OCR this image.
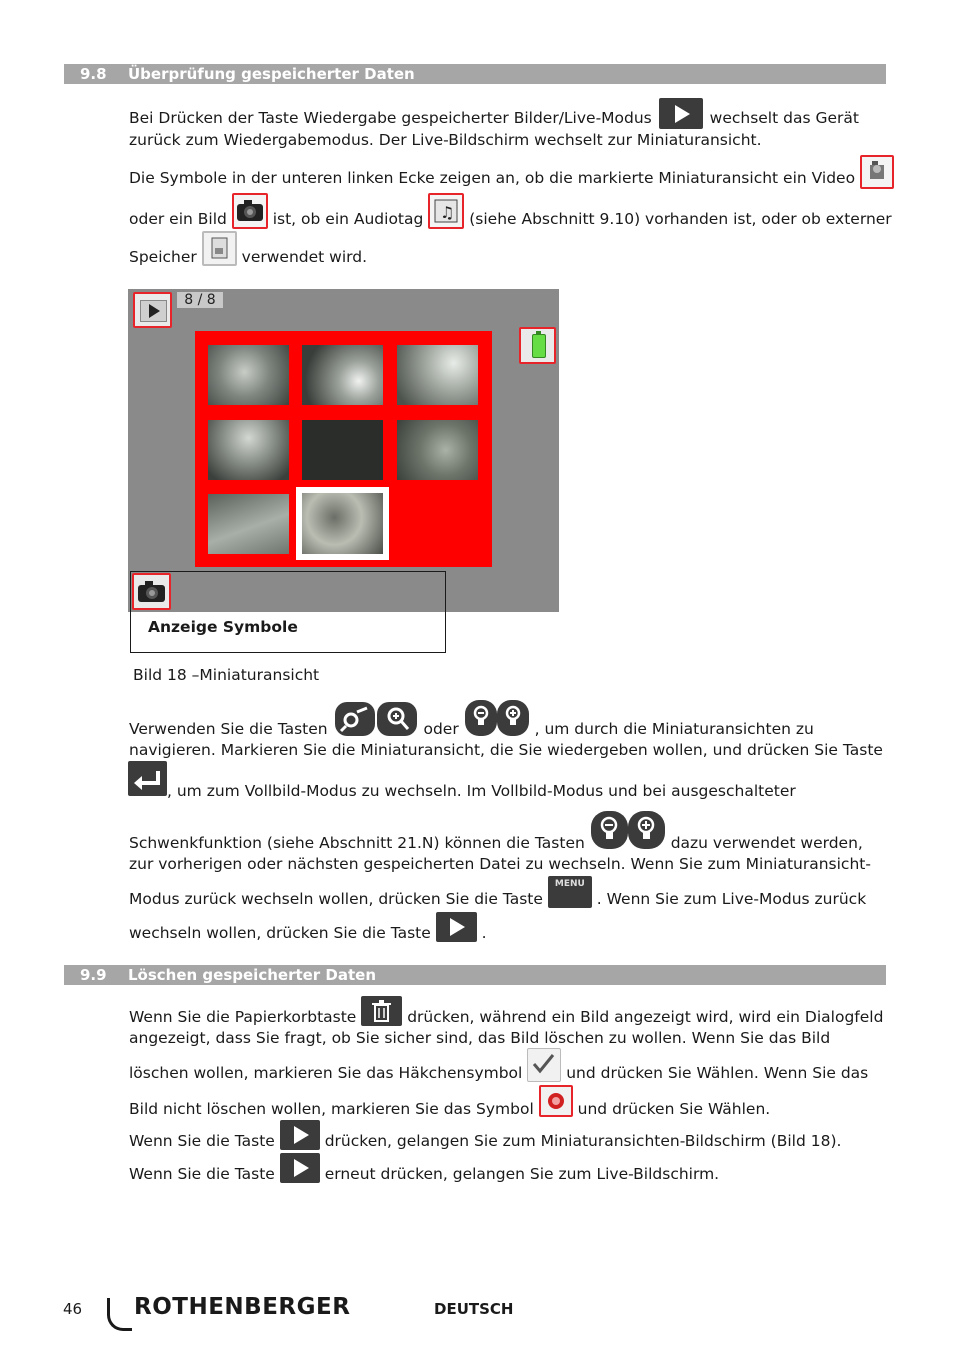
9.8 Überprüfung gespeicherter Daten
Bei Drücken der Taste Wiedergabe gespeicherter Bilder/Live-Modus	wechselt das Gerät
zurück zum Wiedergabemodus. Der Live-Bildschirm wechselt zur Miniaturansicht.
Die Symbole in der unteren linken Ecke zeigen an, ob die markierte Miniaturansicht ein Video
oder ein Bild	ist, ob ein Audiotag ♫ (siehe Abschnitt 9.10) vorhanden ist, oder ob externer
Speicher	verwendet wird.
8 / 8
Anzeige Symbole
Bild 18 –Miniaturansicht
Verwenden Sie die Tasten	oder	, um durch die Miniaturansichten zu
navigieren. Markieren Sie die Miniaturansicht, die Sie wiedergeben wollen, und drücken Sie Taste
, um zum Vollbild-Modus zu wechseln. Im Vollbild-Modus und bei ausgeschalteter
Schwenkfunktion (siehe Abschnitt 21.N) können die Tasten	dazu verwendet werden,
zur vorherigen oder nächsten gespeicherten Datei zu wechseln. Wenn Sie zum Miniaturansicht-
Modus zurück wechseln wollen, drücken Sie die Taste MENU . Wenn Sie zum Live-Modus zurück
wechseln wollen, drücken Sie die Taste	.
9.9 Löschen gespeicherter Daten
Wenn Sie die Papierkorbtaste	drücken, während ein Bild angezeigt wird, wird ein Dialogfeld
angezeigt, dass Sie fragt, ob Sie sicher sind, das Bild löschen zu wollen. Wenn Sie das Bild
löschen wollen, markieren Sie das Häkchensymbol	und drücken Sie Wählen. Wenn Sie das
Bild nicht löschen wollen, markieren Sie das Symbol	und drücken Sie Wählen.
Wenn Sie die Taste	drücken, gelangen Sie zum Miniaturansichten-Bildschirm (Bild 18).
Wenn Sie die Taste	erneut drücken, gelangen Sie zum Live-Bildschirm.
46 ROTHENBERGER	DEUTSCH
